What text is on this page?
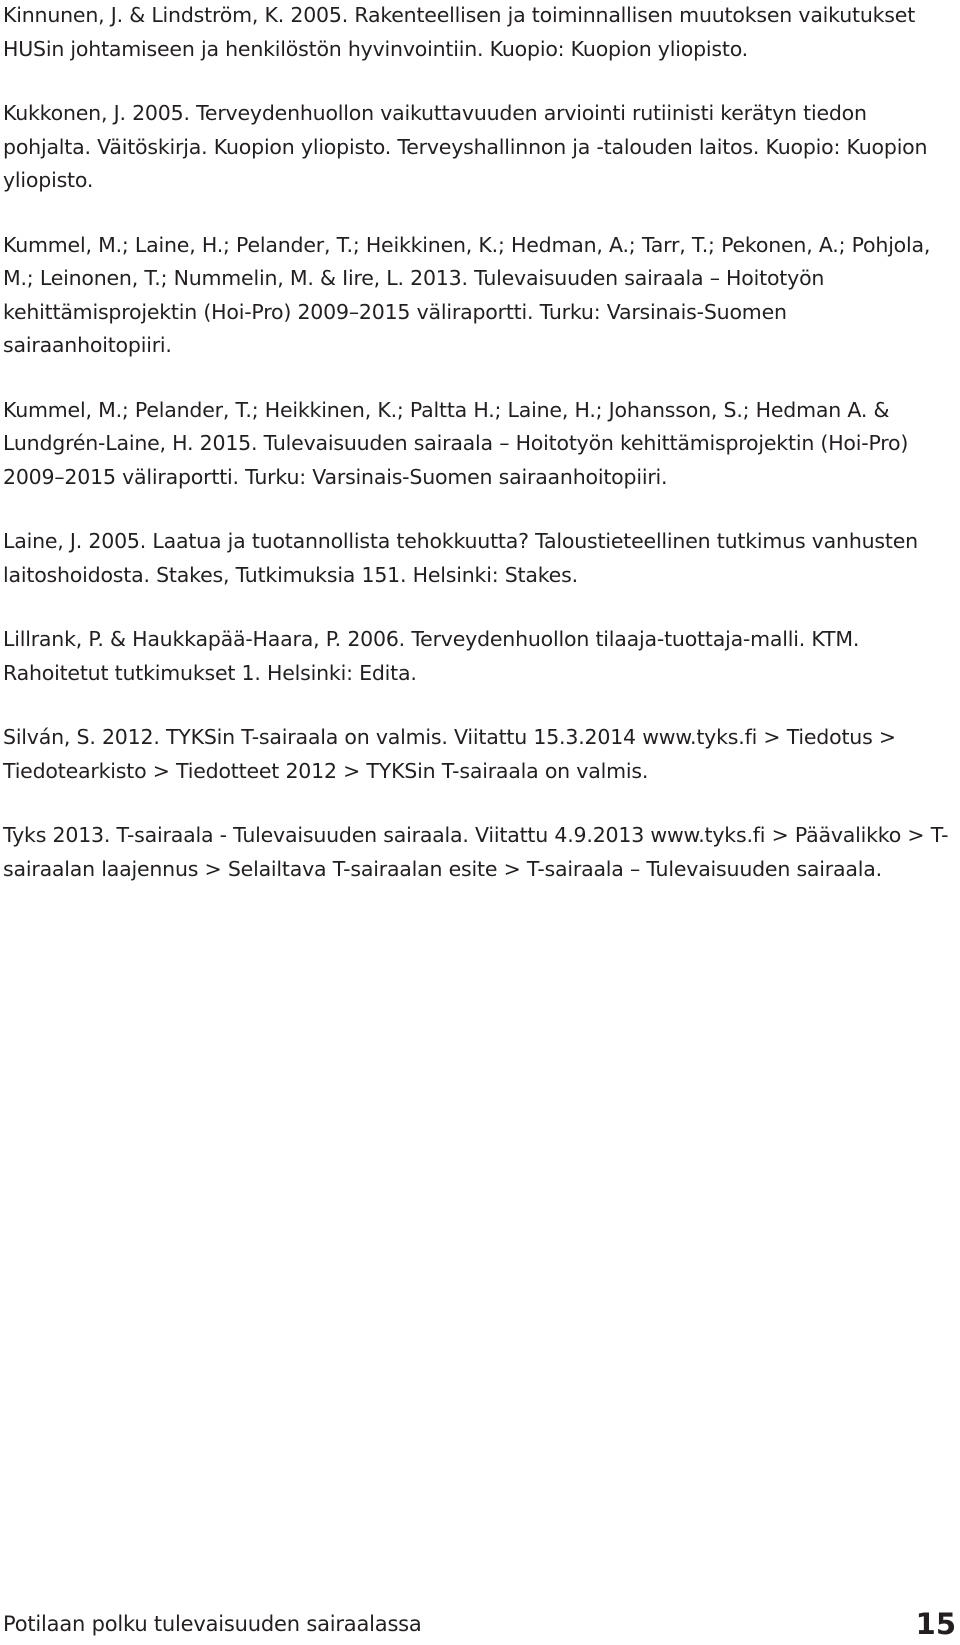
Kinnunen, J. & Lindström, K. 2005. Rakenteellisen ja toiminnallisen muutoksen vaikutukset HUSin johtamiseen ja henkilöstön hyvinvointiin. Kuopio: Kuopion yliopisto.

Kukkonen, J. 2005. Terveydenhuollon vaikuttavuuden arviointi rutiinisti kerätyn tiedon pohjalta. Väitöskirja. Kuopion yliopisto. Terveyshallinnon ja -talouden laitos. Kuopio: Kuopion yliopisto.

Kummel, M.; Laine, H.; Pelander, T.; Heikkinen, K.; Hedman, A.; Tarr, T.; Pekonen, A.; Pohjola, M.; Leinonen, T.; Nummelin, M. & Iire, L. 2013. Tulevaisuuden sairaala – Hoitotyön kehittämisprojektin (Hoi-Pro) 2009–2015 väliraportti. Turku: Varsinais-Suomen sairaanhoitopiiri.

Kummel, M.; Pelander, T.; Heikkinen, K.; Paltta H.; Laine, H.; Johansson, S.; Hedman A. & Lundgrén-Laine, H. 2015. Tulevaisuuden sairaala – Hoitotyön kehittämisprojektin (Hoi-Pro) 2009–2015 väliraportti. Turku: Varsinais-Suomen sairaanhoitopiiri.

Laine, J. 2005. Laatua ja tuotannollista tehokkuutta? Taloustieteellinen tutkimus vanhusten laitoshoidosta. Stakes, Tutkimuksia 151. Helsinki: Stakes.

Lillrank, P. & Haukkapää-Haara, P. 2006. Terveydenhuollon tilaaja-tuottaja-malli. KTM. Rahoitetut tutkimukset 1. Helsinki: Edita.

Silván, S. 2012. TYKSin T-sairaala on valmis. Viitattu 15.3.2014 www.tyks.fi > Tiedotus > Tiedotearkisto > Tiedotteet 2012 > TYKSin T-sairaala on valmis.

Tyks 2013. T-sairaala - Tulevaisuuden sairaala. Viitattu 4.9.2013 www.tyks.fi > Päävalikko > T-sairaalan laajennus > Selailtava T-sairaalan esite > T-sairaala – Tulevaisuuden sairaala.

Potilaan polku tulevaisuuden sairaalassa	15
